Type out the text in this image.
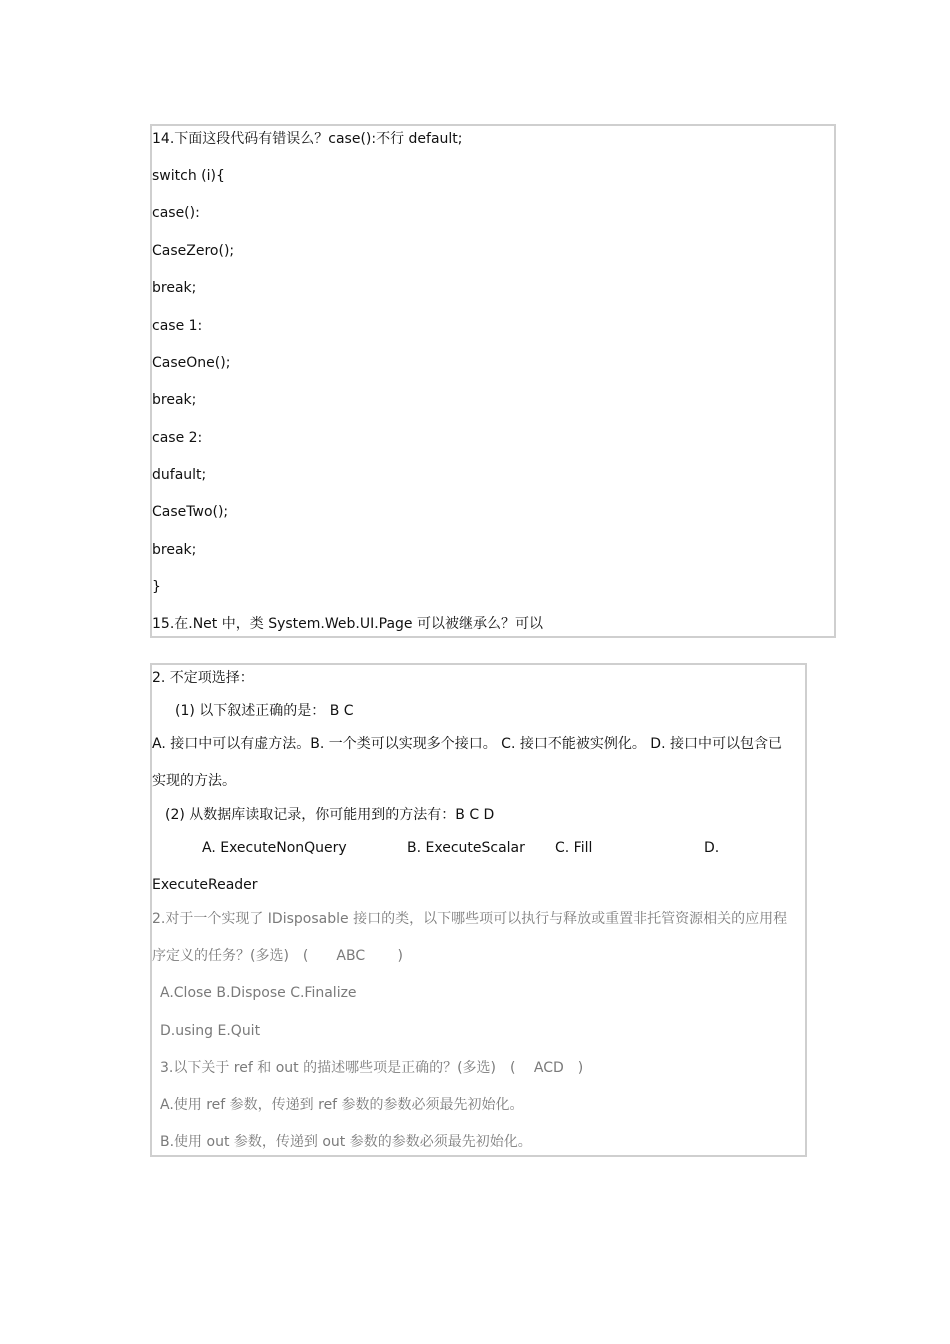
14.下面这段代码有错误么？case():不行 default;
switch (i){
case():
CaseZero();
break;
case 1:
CaseOne();
break;
case 2:
dufault;
CaseTwo();
break;
}
15.在.Net 中，类 System.Web.UI.Page 可以被继承么？可以
2. 不定项选择：
(1) 以下叙述正确的是： B C
A. 接口中可以有虚方法。B. 一个类可以实现多个接口。 C. 接口不能被实例化。 D. 接口中可以包含已
实现的方法。
(2) 从数据库读取记录，你可能用到的方法有：B C D
A. ExecuteNonQuery	B. ExecuteScalar C. Fill	D.
ExecuteReader
2.对于一个实现了 IDisposable 接口的类，以下哪些项可以执行与释放或重置非托管资源相关的应用程
序定义的任务？(多选)　(　　ABC　　 )
A.Close B.Dispose C.Finalize
D.using E.Quit
3.以下关于 ref 和 out 的描述哪些项是正确的？(多选)　(　 ACD　)
A.使用 ref 参数，传递到 ref 参数的参数必须最先初始化。
B.使用 out 参数，传递到 out 参数的参数必须最先初始化。
